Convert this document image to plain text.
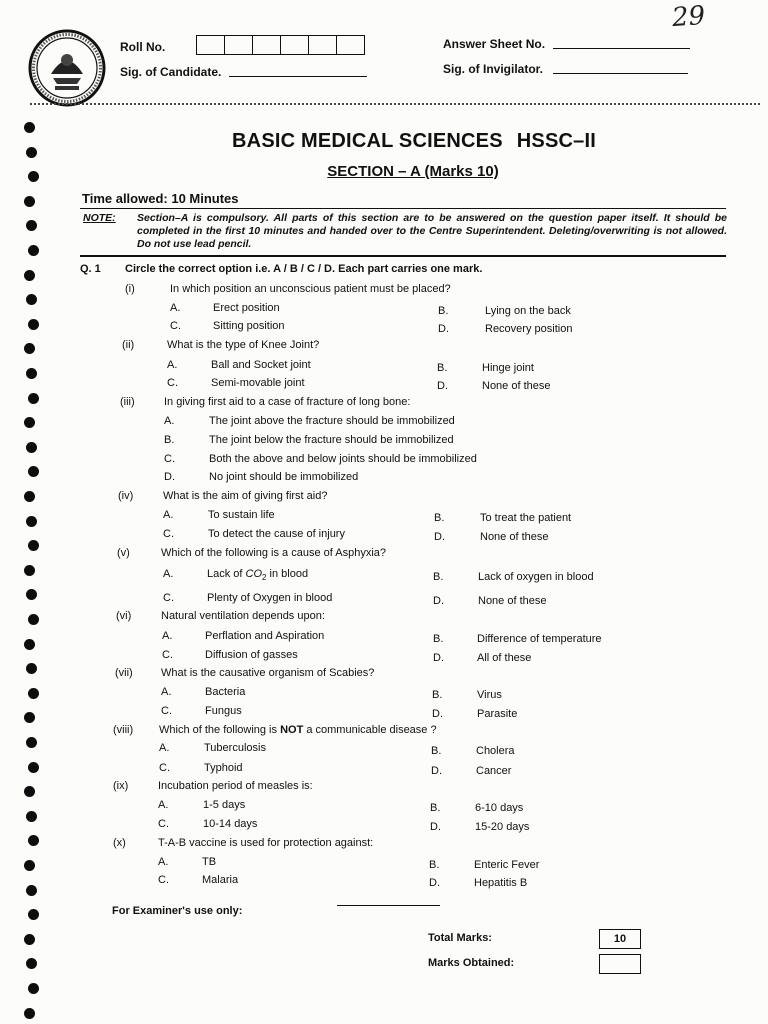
29
Roll No.
Sig. of Candidate.
Answer Sheet No.
Sig. of Invigilator.
BASIC MEDICAL SCIENCES HSSC–II
SECTION – A (Marks 10)
Time allowed: 10 Minutes
NOTE: Section–A is compulsory. All parts of this section are to be answered on the question paper itself. It should be completed in the first 10 minutes and handed over to the Centre Superintendent. Deleting/overwriting is not allowed. Do not use lead pencil.
Q. 1 Circle the correct option i.e. A / B / C / D. Each part carries one mark.
(i)	In which position an unconscious patient must be placed?
A.	Erect position	B.	Lying on the back
C.	Sitting position	D.	Recovery position
(ii)	What is the type of Knee Joint?
A.	Ball and Socket joint	B.	Hinge joint
C.	Semi-movable joint	D.	None of these
(iii)	In giving first aid to a case of fracture of long bone:
A.	The joint above the fracture should be immobilized
B.	The joint below the fracture should be immobilized
C.	Both the above and below joints should be immobilized
D.	No joint should be immobilized
(iv)	What is the aim of giving first aid?
A.	To sustain life	B.	To treat the patient
C.	To detect the cause of injury	D.	None of these
(v)	Which of the following is a cause of Asphyxia?
A.	Lack of $CO_2$ in blood	B.	Lack of oxygen in blood
C.	Plenty of Oxygen in blood	D.	None of these
(vi)	Natural ventilation depends upon:
A.	Perflation and Aspiration	B.	Difference of temperature
C.	Diffusion of gasses	D.	All of these
(vii)	What is the causative organism of Scabies?
A.	Bacteria	B.	Virus
C.	Fungus	D.	Parasite
(viii) Which of the following is NOT a communicable disease ?
A.	Tuberculosis	B.	Cholera
C.	Typhoid	D.	Cancer
(ix)	Incubation period of measles is:
A.	1-5 days	B.	6-10 days
C.	10-14 days	D.	15-20 days
(x)	T-A-B vaccine is used for protection against:
A.	TB	B.	Enteric Fever
C.	Malaria	D.	Hepatitis B
For Examiner's use only:
Total Marks:	10
Marks Obtained:
